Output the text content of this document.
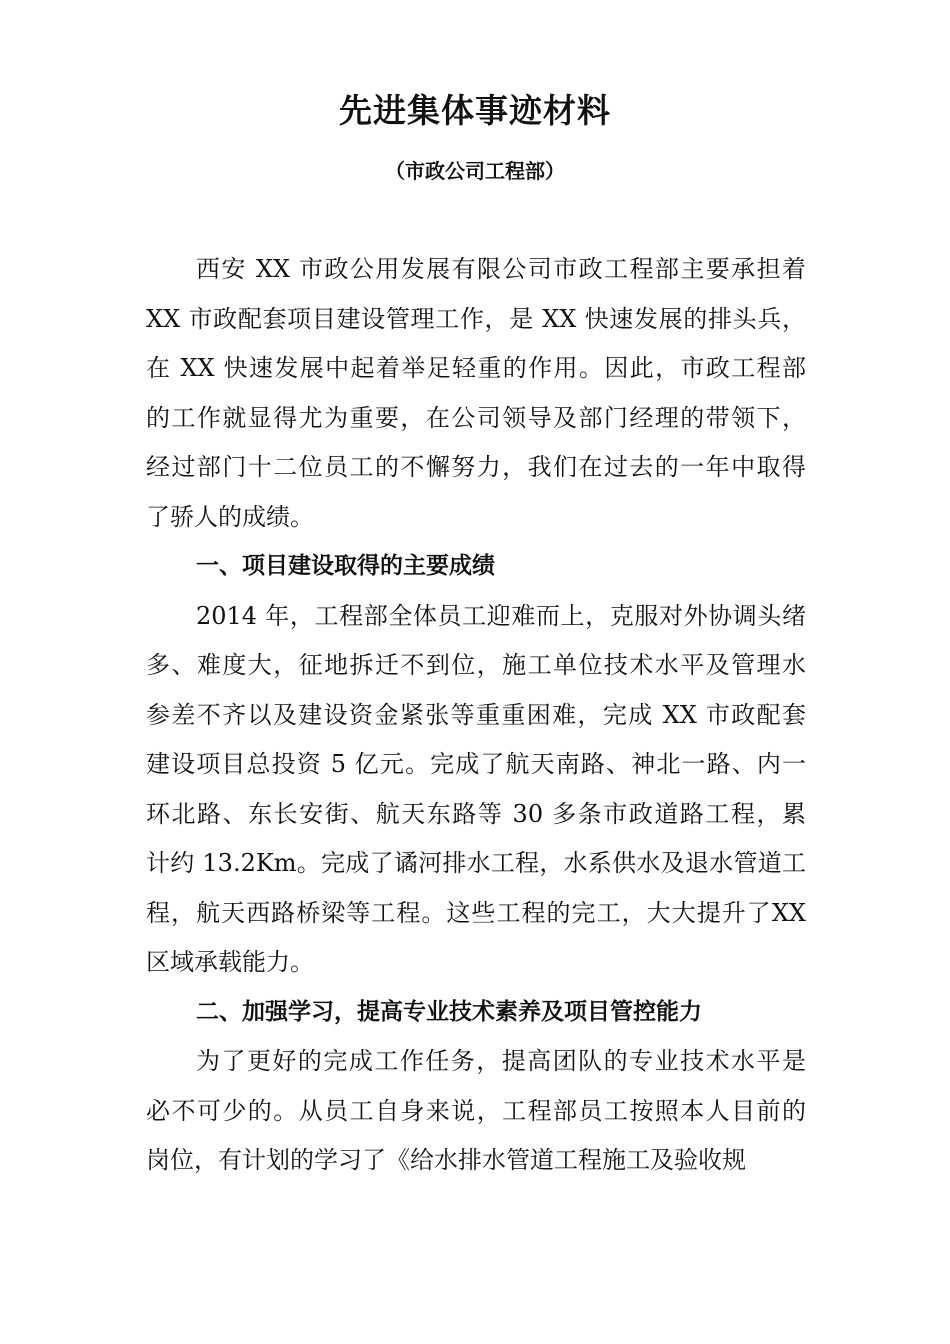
先进集体事迹材料
（市政公司工程部）
西安 XX 市政公用发展有限公司市政工程部主要承担着
XX 市政配套项目建设管理工作，是 XX 快速发展的排头兵，
在 XX 快速发展中起着举足轻重的作用。因此，市政工程部
的工作就显得尤为重要，在公司领导及部门经理的带领下，
经过部门十二位员工的不懈努力，我们在过去的一年中取得
了骄人的成绩。
一、项目建设取得的主要成绩
2014 年，工程部全体员工迎难而上，克服对外协调头绪
多、难度大，征地拆迁不到位，施工单位技术水平及管理水
参差不齐以及建设资金紧张等重重困难，完成 XX 市政配套
建设项目总投资 5 亿元。完成了航天南路、神北一路、内一
环北路、东长安街、航天东路等 30 多条市政道路工程，累
计约 13.2Km。完成了谲河排水工程，水系供水及退水管道工
程，航天西路桥梁等工程。这些工程的完工，大大提升了XX
区域承载能力。
二、加强学习，提高专业技术素养及项目管控能力
为了更好的完成工作任务，提高团队的专业技术水平是
必不可少的。从员工自身来说，工程部员工按照本人目前的
岗位，有计划的学习了《给水排水管道工程施工及验收规
